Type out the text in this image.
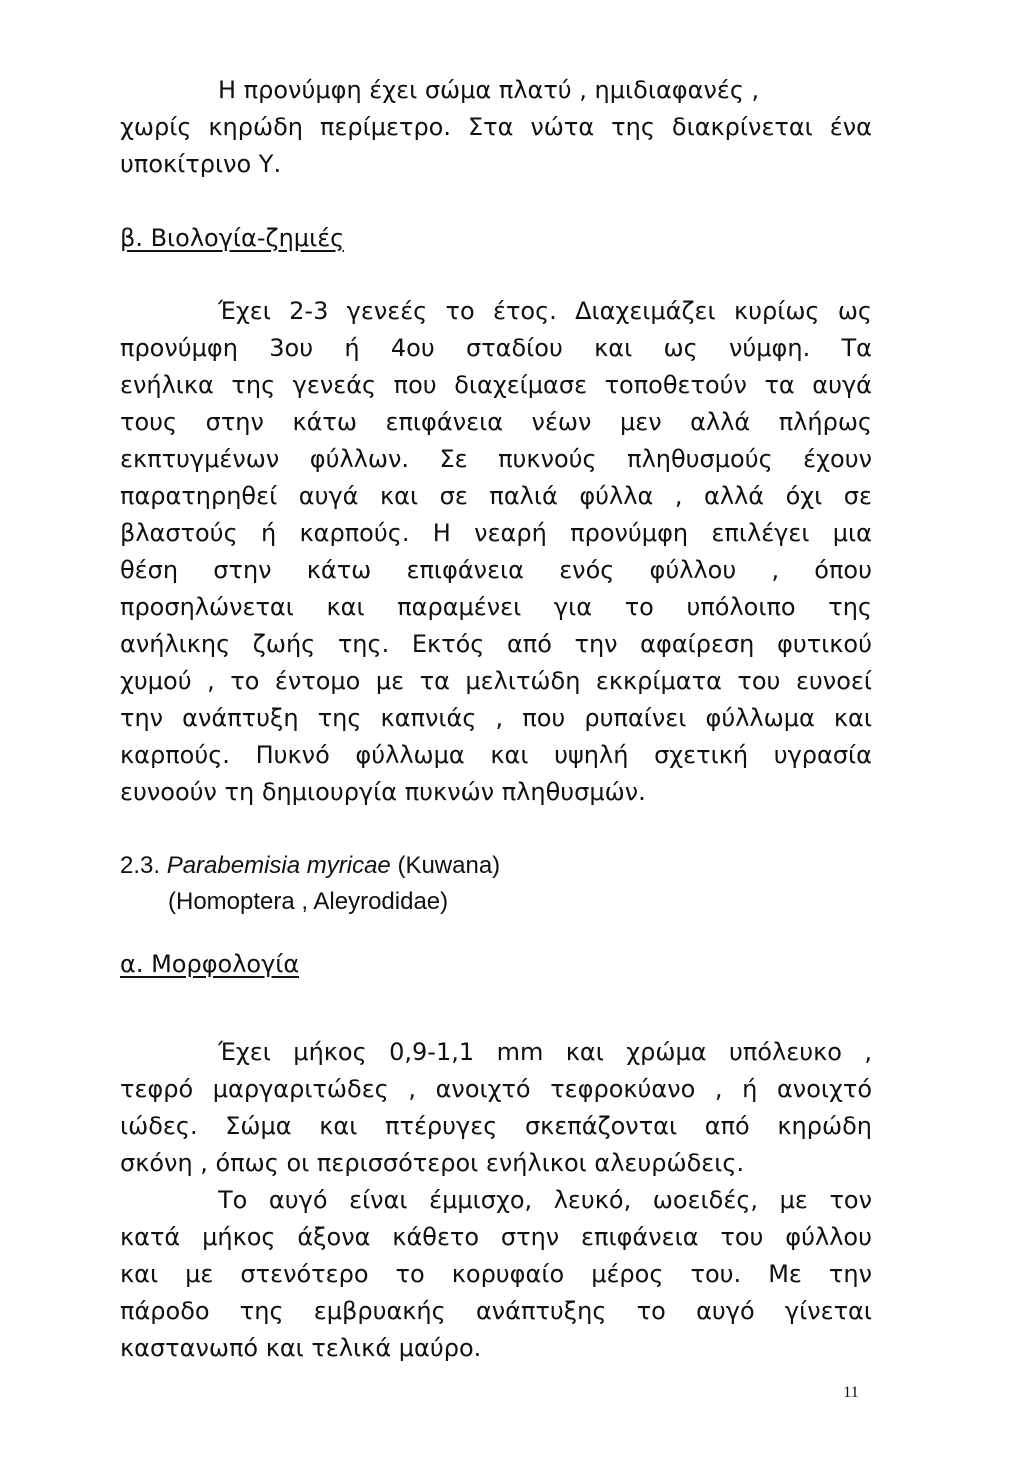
Η προνύμφη έχει σώμα πλατύ , ημιδιαφανές ,
χωρίς κηρώδη περίμετρο. Στα νώτα της διακρίνεται ένα
υποκίτρινο Υ.
β. Βιολογία-ζημιές
Έχει 2-3 γενεές το έτος. Διαχειμάζει κυρίως ως
προνύμφη 3ου ή 4ου σταδίου και ως νύμφη. Τα
ενήλικα της γενεάς που διαχείμασε τοποθετούν τα αυγά
τους στην κάτω επιφάνεια νέων μεν αλλά πλήρως
εκπτυγμένων φύλλων. Σε πυκνούς πληθυσμούς έχουν
παρατηρηθεί αυγά και σε παλιά φύλλα , αλλά όχι σε
βλαστούς ή καρπούς. Η νεαρή προνύμφη επιλέγει μια
θέση στην κάτω επιφάνεια ενός φύλλου , όπου
προσηλώνεται και παραμένει για το υπόλοιπο της
ανήλικης ζωής της. Εκτός από την αφαίρεση φυτικού
χυμού , το έντομο με τα μελιτώδη εκκρίματα του ευνοεί
την ανάπτυξη της καπνιάς , που ρυπαίνει φύλλωμα και
καρπούς. Πυκνό φύλλωμα και υψηλή σχετική υγρασία
ευνοούν τη δημιουργία πυκνών πληθυσμών.
2.3. Parabemisia myricae (Kuwana)
(Homoptera , Aleyrodidae)
α. Μορφολογία
Έχει μήκος 0,9-1,1 mm και χρώμα υπόλευκο ,
τεφρό μαργαριτώδες , ανοιχτό τεφροκύανο , ή ανοιχτό
ιώδες. Σώμα και πτέρυγες σκεπάζονται από κηρώδη
σκόνη , όπως οι περισσότεροι ενήλικοι αλευρώδεις.
Το αυγό είναι έμμισχο, λευκό, ωοειδές, με τον
κατά μήκος άξονα κάθετο στην επιφάνεια του φύλλου
και με στενότερο το κορυφαίο μέρος του. Με την
πάροδο της εμβρυακής ανάπτυξης το αυγό γίνεται
καστανωπό και τελικά μαύρο.
11
